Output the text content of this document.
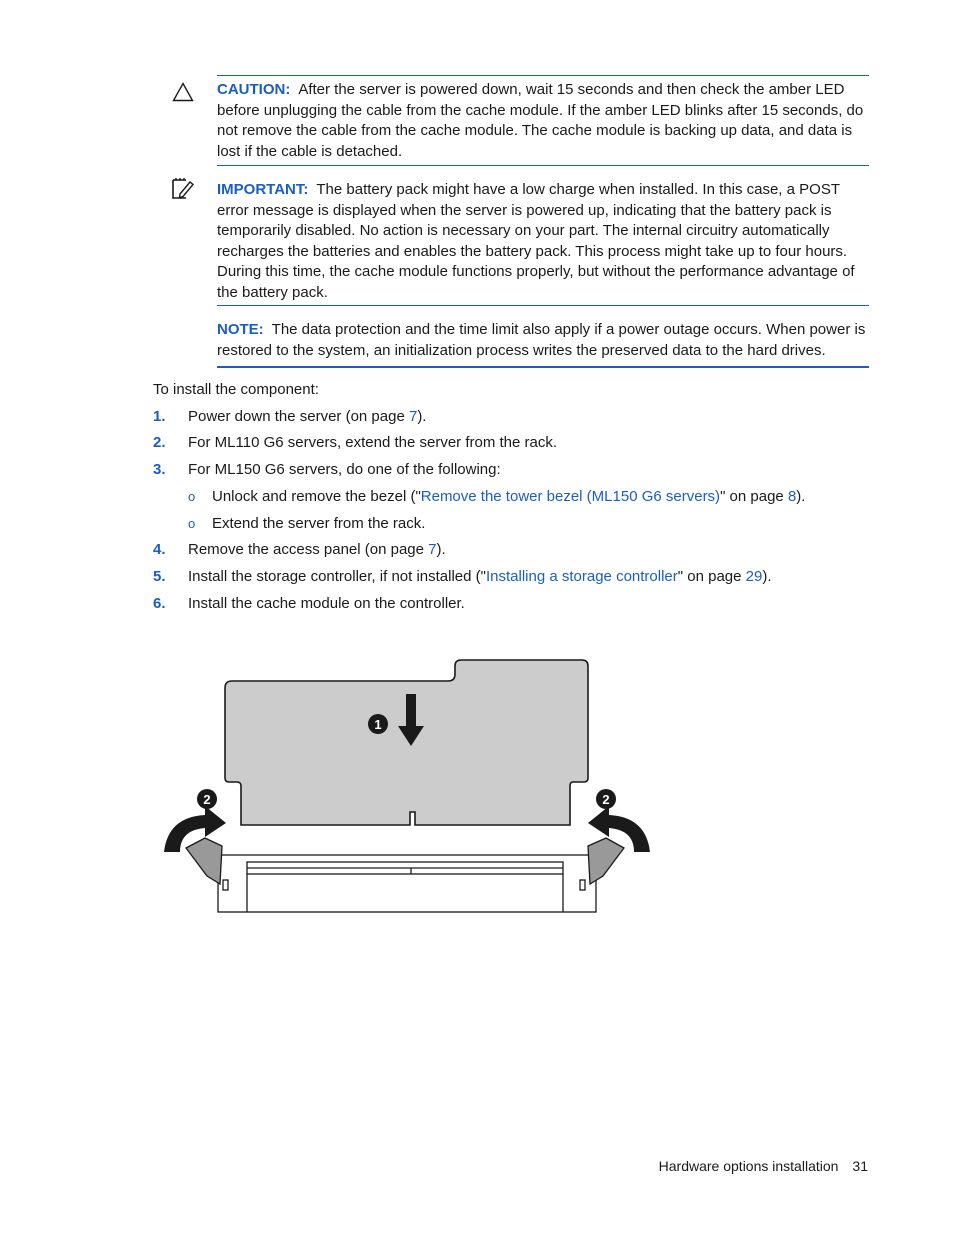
CAUTION: After the server is powered down, wait 15 seconds and then check the amber LED before unplugging the cable from the cache module. If the amber LED blinks after 15 seconds, do not remove the cable from the cache module. The cache module is backing up data, and data is lost if the cable is detached.

IMPORTANT: The battery pack might have a low charge when installed. In this case, a POST error message is displayed when the server is powered up, indicating that the battery pack is temporarily disabled. No action is necessary on your part. The internal circuitry automatically recharges the batteries and enables the battery pack. This process might take up to four hours. During this time, the cache module functions properly, but without the performance advantage of the battery pack.

NOTE: The data protection and the time limit also apply if a power outage occurs. When power is restored to the system, an initialization process writes the preserved data to the hard drives.

To install the component:

1. Power down the server (on page 7).
2. For ML110 G6 servers, extend the server from the rack.
3. For ML150 G6 servers, do one of the following:
o Unlock and remove the bezel ("Remove the tower bezel (ML150 G6 servers)" on page 8).
o Extend the server from the rack.
4. Remove the access panel (on page 7).
5. Install the storage controller, if not installed ("Installing a storage controller" on page 29).
6. Install the cache module on the controller.
1
2	2
Hardware options installation 31
